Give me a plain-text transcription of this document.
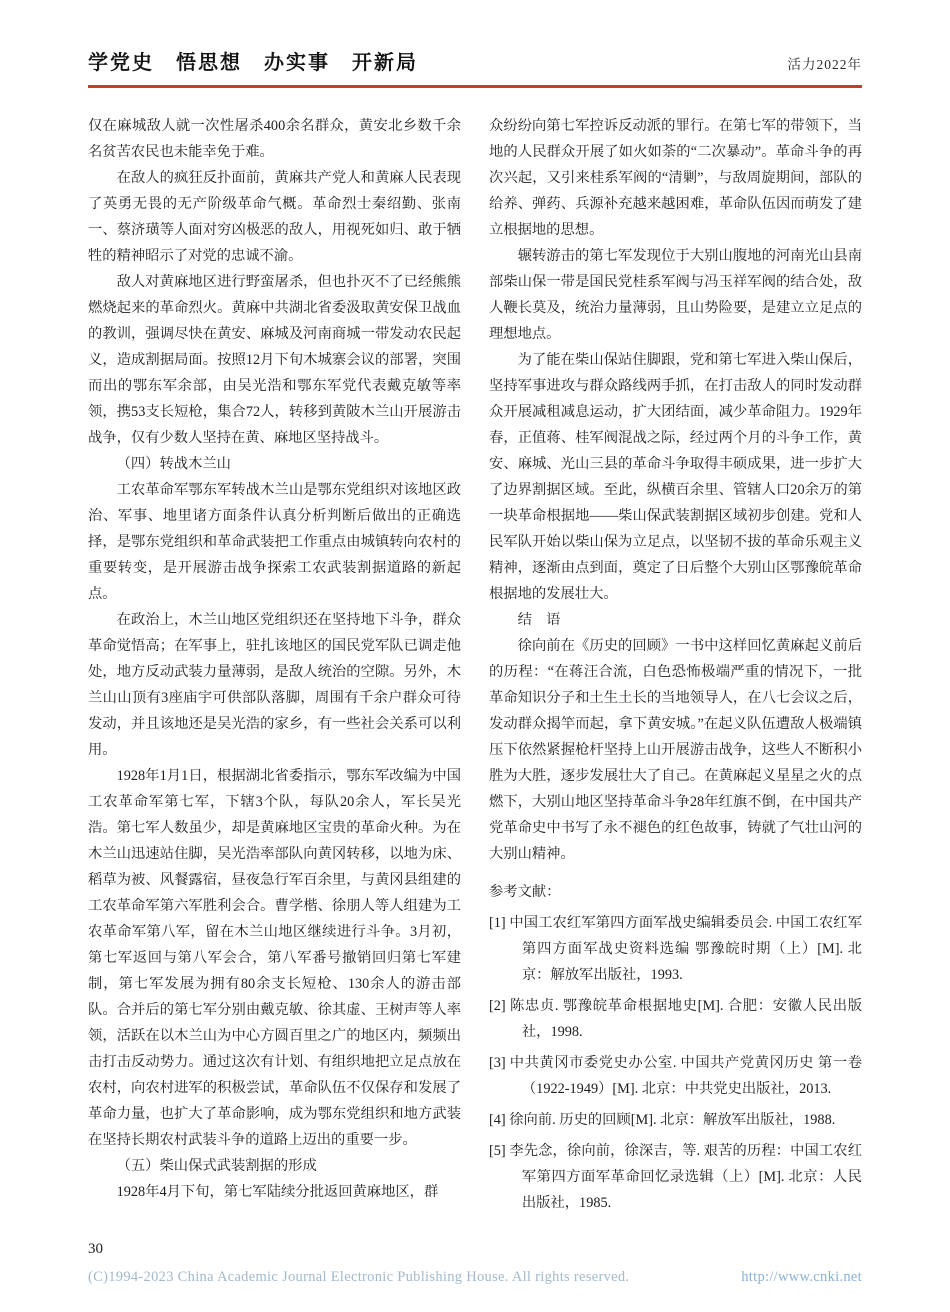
学党史　悟思想　办实事　开新局	活力2022年

仅在麻城敌人就一次性屠杀400余名群众，黄安北乡数千余名贫苦农民也未能幸免于难。

在敌人的疯狂反扑面前，黄麻共产党人和黄麻人民表现了英勇无畏的无产阶级革命气概。革命烈士秦绍勤、张南一、蔡济璜等人面对穷凶极恶的敌人，用视死如归、敢于牺牲的精神昭示了对党的忠诚不渝。

敌人对黄麻地区进行野蛮屠杀，但也扑灭不了已经熊熊燃烧起来的革命烈火。黄麻中共湖北省委汲取黄安保卫战血的教训，强调尽快在黄安、麻城及河南商城一带发动农民起义，造成割据局面。按照12月下旬木城寨会议的部署，突围而出的鄂东军余部，由吴光浩和鄂东军党代表戴克敏等率领，携53支长短枪，集合72人，转移到黄陂木兰山开展游击战争，仅有少数人坚持在黄、麻地区坚持战斗。

（四）转战木兰山

工农革命军鄂东军转战木兰山是鄂东党组织对该地区政治、军事、地里诸方面条件认真分析判断后做出的正确选择，是鄂东党组织和革命武装把工作重点由城镇转向农村的重要转变，是开展游击战争探索工农武装割据道路的新起点。

在政治上，木兰山地区党组织还在坚持地下斗争，群众革命觉悟高；在军事上，驻扎该地区的国民党军队已调走他处，地方反动武装力量薄弱，是敌人统治的空隙。另外，木兰山山顶有3座庙宇可供部队落脚，周围有千余户群众可待发动，并且该地还是吴光浩的家乡，有一些社会关系可以利用。

1928年1月1日，根据湖北省委指示，鄂东军改编为中国工农革命军第七军，下辖3个队，每队20余人，军长吴光浩。第七军人数虽少，却是黄麻地区宝贵的革命火种。为在木兰山迅速站住脚，吴光浩率部队向黄冈转移，以地为床、稻草为被、风餐露宿，昼夜急行军百余里，与黄冈县组建的工农革命军第六军胜利会合。曹学楷、徐朋人等人组建为工农革命军第八军，留在木兰山地区继续进行斗争。3月初，第七军返回与第八军会合，第八军番号撤销回归第七军建制，第七军发展为拥有80余支长短枪、130余人的游击部队。合并后的第七军分别由戴克敏、徐其虚、王树声等人率领，活跃在以木兰山为中心方圆百里之广的地区内，频频出击打击反动势力。通过这次有计划、有组织地把立足点放在农村，向农村进军的积极尝试，革命队伍不仅保存和发展了革命力量，也扩大了革命影响，成为鄂东党组织和地方武装在坚持长期农村武装斗争的道路上迈出的重要一步。

（五）柴山保式武装割据的形成

1928年4月下旬，第七军陆续分批返回黄麻地区，群

众纷纷向第七军控诉反动派的罪行。在第七军的带领下，当地的人民群众开展了如火如荼的“二次暴动”。革命斗争的再次兴起，又引来桂系军阀的“清剿”，与敌周旋期间，部队的给养、弹药、兵源补充越来越困难，革命队伍因而萌发了建立根据地的思想。

辗转游击的第七军发现位于大别山腹地的河南光山县南部柴山保一带是国民党桂系军阀与冯玉祥军阀的结合处，敌人鞭长莫及，统治力量薄弱，且山势险要，是建立立足点的理想地点。

为了能在柴山保站住脚跟，党和第七军进入柴山保后，坚持军事进攻与群众路线两手抓，在打击敌人的同时发动群众开展减租减息运动，扩大团结面，减少革命阻力。1929年春，正值蒋、桂军阀混战之际，经过两个月的斗争工作，黄安、麻城、光山三县的革命斗争取得丰硕成果，进一步扩大了边界割据区域。至此，纵横百余里、管辖人口20余万的第一块革命根据地——柴山保武装割据区域初步创建。党和人民军队开始以柴山保为立足点，以坚韧不拔的革命乐观主义精神，逐渐由点到面，奠定了日后整个大别山区鄂豫皖革命根据地的发展壮大。

结　语

徐向前在《历史的回顾》一书中这样回忆黄麻起义前后的历程：“在蒋汪合流，白色恐怖极端严重的情况下，一批革命知识分子和土生土长的当地领导人，在八七会议之后，发动群众揭竿而起，拿下黄安城。”在起义队伍遭敌人极端镇压下依然紧握枪杆坚持上山开展游击战争，这些人不断积小胜为大胜，逐步发展壮大了自己。在黄麻起义星星之火的点燃下，大别山地区坚持革命斗争28年红旗不倒，在中国共产党革命史中书写了永不褪色的红色故事，铸就了气壮山河的大别山精神。

参考文献：

[1] 中国工农红军第四方面军战史编辑委员会. 中国工农红军第四方面军战史资料选编 鄂豫皖时期（上）[M]. 北京：解放军出版社，1993.

[2] 陈忠贞. 鄂豫皖革命根据地史[M]. 合肥：安徽人民出版社，1998.

[3] 中共黄冈市委党史办公室. 中国共产党黄冈历史 第一卷（1922-1949）[M]. 北京：中共党史出版社，2013.

[4] 徐向前. 历史的回顾[M]. 北京：解放军出版社，1988.

[5] 李先念，徐向前，徐深吉，等. 艰苦的历程：中国工农红军第四方面军革命回忆录选辑（上）[M]. 北京：人民出版社，1985.

30
(C)1994-2023 China Academic Journal Electronic Publishing House. All rights reserved.	http://www.cnki.net
